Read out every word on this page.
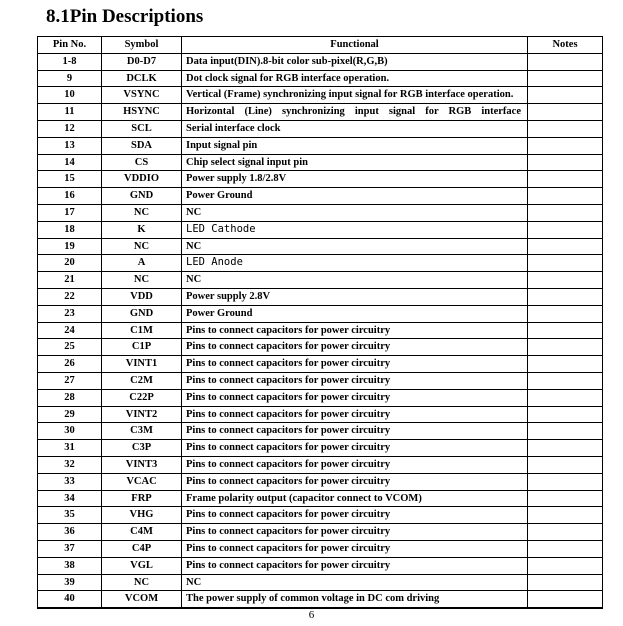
8.1Pin Descriptions
Pin No.	Symbol	Functional	Notes
1-8	D0-D7	Data input(DIN).8-bit color sub-pixel(R,G,B)	
9	DCLK	Dot clock signal for RGB interface operation.	
10	VSYNC	Vertical (Frame) synchronizing input signal for RGB interface operation.	
11	HSYNC	Horizontal (Line) synchronizing input signal for RGB interface	
12	SCL	Serial interface clock	
13	SDA	Input signal pin	
14	CS	Chip select signal input pin	
15	VDDIO	Power supply 1.8/2.8V	
16	GND	Power Ground	
17	NC	NC	
18	K	LED Cathode	
19	NC	NC	
20	A	LED Anode	
21	NC	NC	
22	VDD	Power supply 2.8V	
23	GND	Power Ground	
24	C1M	Pins to connect capacitors for power circuitry	
25	C1P	Pins to connect capacitors for power circuitry	
26	VINT1	Pins to connect capacitors for power circuitry	
27	C2M	Pins to connect capacitors for power circuitry	
28	C22P	Pins to connect capacitors for power circuitry	
29	VINT2	Pins to connect capacitors for power circuitry	
30	C3M	Pins to connect capacitors for power circuitry	
31	C3P	Pins to connect capacitors for power circuitry	
32	VINT3	Pins to connect capacitors for power circuitry	
33	VCAC	Pins to connect capacitors for power circuitry	
34	FRP	Frame polarity output (capacitor connect to VCOM)	
35	VHG	Pins to connect capacitors for power circuitry	
36	C4M	Pins to connect capacitors for power circuitry	
37	C4P	Pins to connect capacitors for power circuitry	
38	VGL	Pins to connect capacitors for power circuitry	
39	NC	NC	
40	VCOM	The power supply of common voltage in DC com driving	
6
